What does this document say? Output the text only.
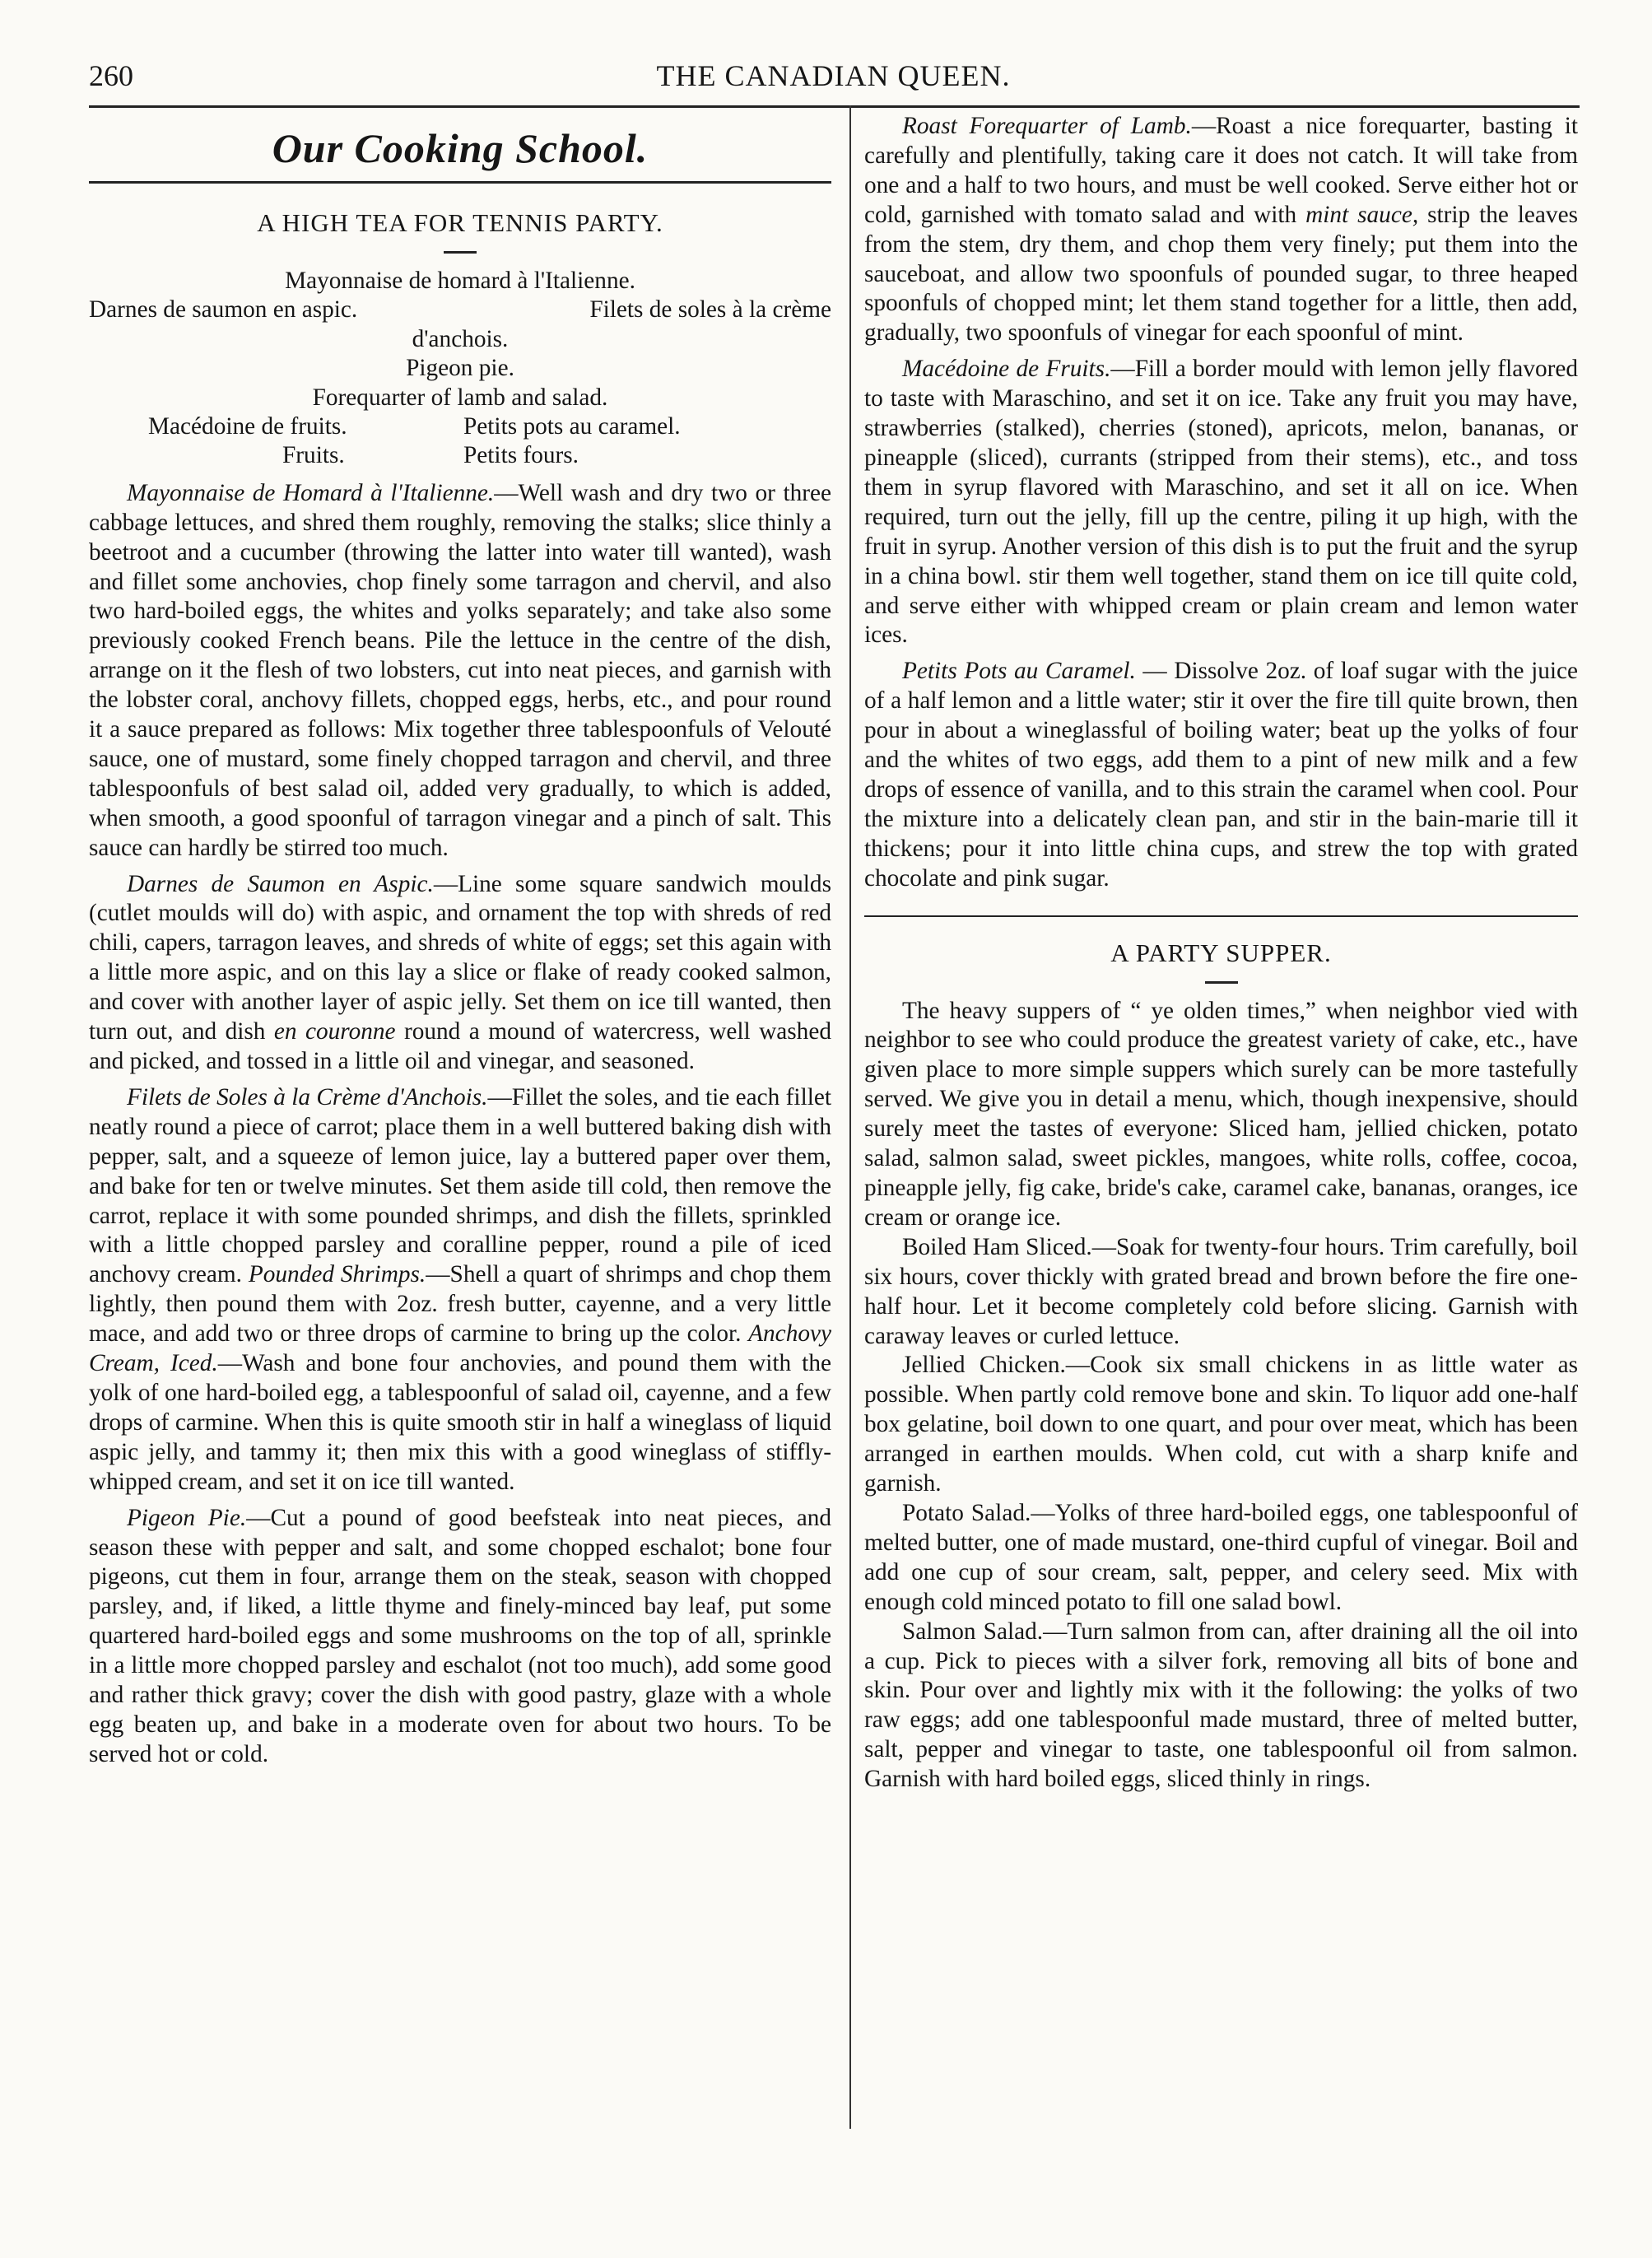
260	THE CANADIAN QUEEN.
Our Cooking School.
A HIGH TEA FOR TENNIS PARTY.
Mayonnaise de homard à l'Italienne.
Darnes de saumon en aspic.	Filets de soles à la crème
d'anchois.
Pigeon pie.
Forequarter of lamb and salad.
Macédoine de fruits.	Petits pots au caramel.
Fruits.	Petits fours.

Mayonnaise de Homard à l'Italienne.—Well wash and dry two or three cabbage lettuces, and shred them roughly, removing the stalks; slice thinly a beetroot and a cucumber (throwing the latter into water till wanted), wash and fillet some anchovies, chop finely some tarragon and chervil, and also two hard-boiled eggs, the whites and yolks separately; and take also some previously cooked French beans. Pile the lettuce in the centre of the dish, arrange on it the flesh of two lobsters, cut into neat pieces, and garnish with the lobster coral, anchovy fillets, chopped eggs, herbs, etc., and pour round it a sauce prepared as follows: Mix together three tablespoonfuls of Velouté sauce, one of mustard, some finely chopped tarragon and chervil, and three tablespoonfuls of best salad oil, added very gradually, to which is added, when smooth, a good spoonful of tarragon vinegar and a pinch of salt. This sauce can hardly be stirred too much.

Darnes de Saumon en Aspic.—Line some square sandwich moulds (cutlet moulds will do) with aspic, and ornament the top with shreds of red chili, capers, tarragon leaves, and shreds of white of eggs; set this again with a little more aspic, and on this lay a slice or flake of ready cooked salmon, and cover with another layer of aspic jelly. Set them on ice till wanted, then turn out, and dish en couronne round a mound of watercress, well washed and picked, and tossed in a little oil and vinegar, and seasoned.

Filets de Soles à la Crème d'Anchois.—Fillet the soles, and tie each fillet neatly round a piece of carrot; place them in a well buttered baking dish with pepper, salt, and a squeeze of lemon juice, lay a buttered paper over them, and bake for ten or twelve minutes. Set them aside till cold, then remove the carrot, replace it with some pounded shrimps, and dish the fillets, sprinkled with a little chopped parsley and coralline pepper, round a pile of iced anchovy cream. Pounded Shrimps.—Shell a quart of shrimps and chop them lightly, then pound them with 2oz. fresh butter, cayenne, and a very little mace, and add two or three drops of carmine to bring up the color. Anchovy Cream, Iced.—Wash and bone four anchovies, and pound them with the yolk of one hard-boiled egg, a tablespoonful of salad oil, cayenne, and a few drops of carmine. When this is quite smooth stir in half a wineglass of liquid aspic jelly, and tammy it; then mix this with a good wineglass of stiffly-whipped cream, and set it on ice till wanted.

Pigeon Pie.—Cut a pound of good beefsteak into neat pieces, and season these with pepper and salt, and some chopped eschalot; bone four pigeons, cut them in four, arrange them on the steak, season with chopped parsley, and, if liked, a little thyme and finely-minced bay leaf, put some quartered hard-boiled eggs and some mushrooms on the top of all, sprinkle in a little more chopped parsley and eschalot (not too much), add some good and rather thick gravy; cover the dish with good pastry, glaze with a whole egg beaten up, and bake in a moderate oven for about two hours. To be served hot or cold.

Roast Forequarter of Lamb.—Roast a nice forequarter, basting it carefully and plentifully, taking care it does not catch. It will take from one and a half to two hours, and must be well cooked. Serve either hot or cold, garnished with tomato salad and with mint sauce, strip the leaves from the stem, dry them, and chop them very finely; put them into the sauceboat, and allow two spoonfuls of pounded sugar, to three heaped spoonfuls of chopped mint; let them stand together for a little, then add, gradually, two spoonfuls of vinegar for each spoonful of mint.

Macédoine de Fruits.—Fill a border mould with lemon jelly flavored to taste with Maraschino, and set it on ice. Take any fruit you may have, strawberries (stalked), cherries (stoned), apricots, melon, bananas, or pineapple (sliced), currants (stripped from their stems), etc., and toss them in syrup flavored with Maraschino, and set it all on ice. When required, turn out the jelly, fill up the centre, piling it up high, with the fruit in syrup. Another version of this dish is to put the fruit and the syrup in a china bowl. stir them well together, stand them on ice till quite cold, and serve either with whipped cream or plain cream and lemon water ices.

Petits Pots au Caramel. — Dissolve 2oz. of loaf sugar with the juice of a half lemon and a little water; stir it over the fire till quite brown, then pour in about a wineglassful of boiling water; beat up the yolks of four and the whites of two eggs, add them to a pint of new milk and a few drops of essence of vanilla, and to this strain the caramel when cool. Pour the mixture into a delicately clean pan, and stir in the bain-marie till it thickens; pour it into little china cups, and strew the top with grated chocolate and pink sugar.

A PARTY SUPPER.

The heavy suppers of “ ye olden times,” when neighbor vied with neighbor to see who could produce the greatest variety of cake, etc., have given place to more simple suppers which surely can be more tastefully served. We give you in detail a menu, which, though inexpensive, should surely meet the tastes of everyone: Sliced ham, jellied chicken, potato salad, salmon salad, sweet pickles, mangoes, white rolls, coffee, cocoa, pineapple jelly, fig cake, bride's cake, caramel cake, bananas, oranges, ice cream or orange ice.

Boiled Ham Sliced.—Soak for twenty-four hours. Trim carefully, boil six hours, cover thickly with grated bread and brown before the fire one-half hour. Let it become completely cold before slicing. Garnish with caraway leaves or curled lettuce.

Jellied Chicken.—Cook six small chickens in as little water as possible. When partly cold remove bone and skin. To liquor add one-half box gelatine, boil down to one quart, and pour over meat, which has been arranged in earthen moulds. When cold, cut with a sharp knife and garnish.

Potato Salad.—Yolks of three hard-boiled eggs, one tablespoonful of melted butter, one of made mustard, one-third cupful of vinegar. Boil and add one cup of sour cream, salt, pepper, and celery seed. Mix with enough cold minced potato to fill one salad bowl.

Salmon Salad.—Turn salmon from can, after draining all the oil into a cup. Pick to pieces with a silver fork, removing all bits of bone and skin. Pour over and lightly mix with it the following: the yolks of two raw eggs; add one tablespoonful made mustard, three of melted butter, salt, pepper and vinegar to taste, one tablespoonful oil from salmon. Garnish with hard boiled eggs, sliced thinly in rings.
